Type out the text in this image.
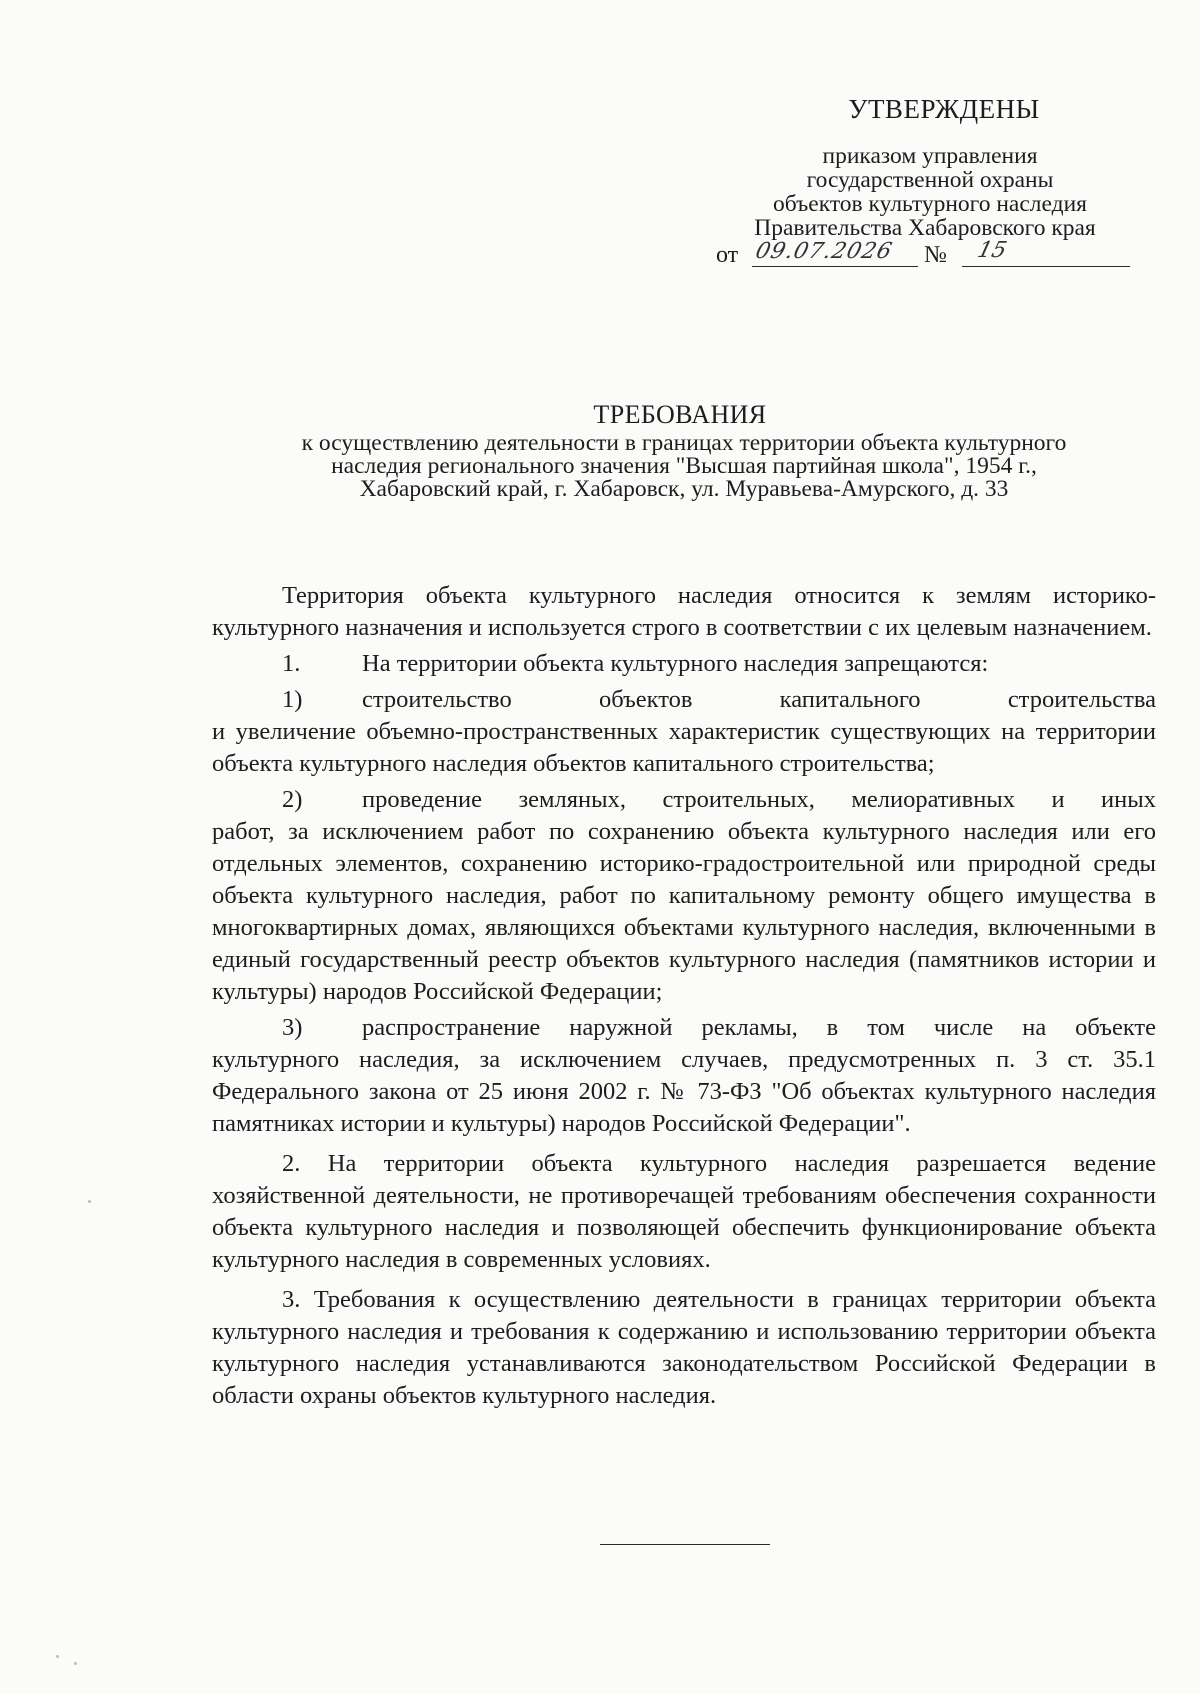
УТВЕРЖДЕНЫ
приказом управления
государственной охраны
объектов культурного наследия
Правительства Хабаровского края
от 09.07.2026 № 15
ТРЕБОВАНИЯ
к осуществлению деятельности в границах территории объекта культурного
наследия регионального значения "Высшая партийная школа", 1954 г.,
Хабаровский край, г. Хабаровск, ул. Муравьева-Амурского, д. 33

Территория объекта культурного наследия относится к землям историко-культурного назначения и используется строго в соответствии с их целевым назначением.

1.	На территории объекта культурного наследия запрещаются:
1)	строительство объектов капитального строительства

и увеличение объемно-пространственных характеристик существующих на территории объекта культурного наследия объектов капитального строительства;

2)	проведение земляных, строительных, мелиоративных и иных

работ, за исключением работ по сохранению объекта культурного наследия или его отдельных элементов, сохранению историко-градостроительной или природной среды объекта культурного наследия, работ по капитальному ремонту общего имущества в многоквартирных домах, являющихся объектами культурного наследия, включенными в единый государственный реестр объектов культурного наследия (памятников истории и культуры) народов Российской Федерации;

3)	распространение наружной рекламы, в том числе на объекте

культурного наследия, за исключением случаев, предусмотренных п. 3 ст. 35.1 Федерального закона от 25 июня 2002 г. № 73-ФЗ "Об объектах культурного наследия памятниках истории и культуры) народов Российской Федерации".

2. На территории объекта культурного наследия разрешается ведение хозяйственной деятельности, не противоречащей требованиям обеспечения сохранности объекта культурного наследия и позволяющей обеспечить функционирование объекта культурного наследия в современных условиях.

3. Требования к осуществлению деятельности в границах территории объекта культурного наследия и требования к содержанию и использованию территории объекта культурного наследия устанавливаются законодательством Российской Федерации в области охраны объектов культурного наследия.
